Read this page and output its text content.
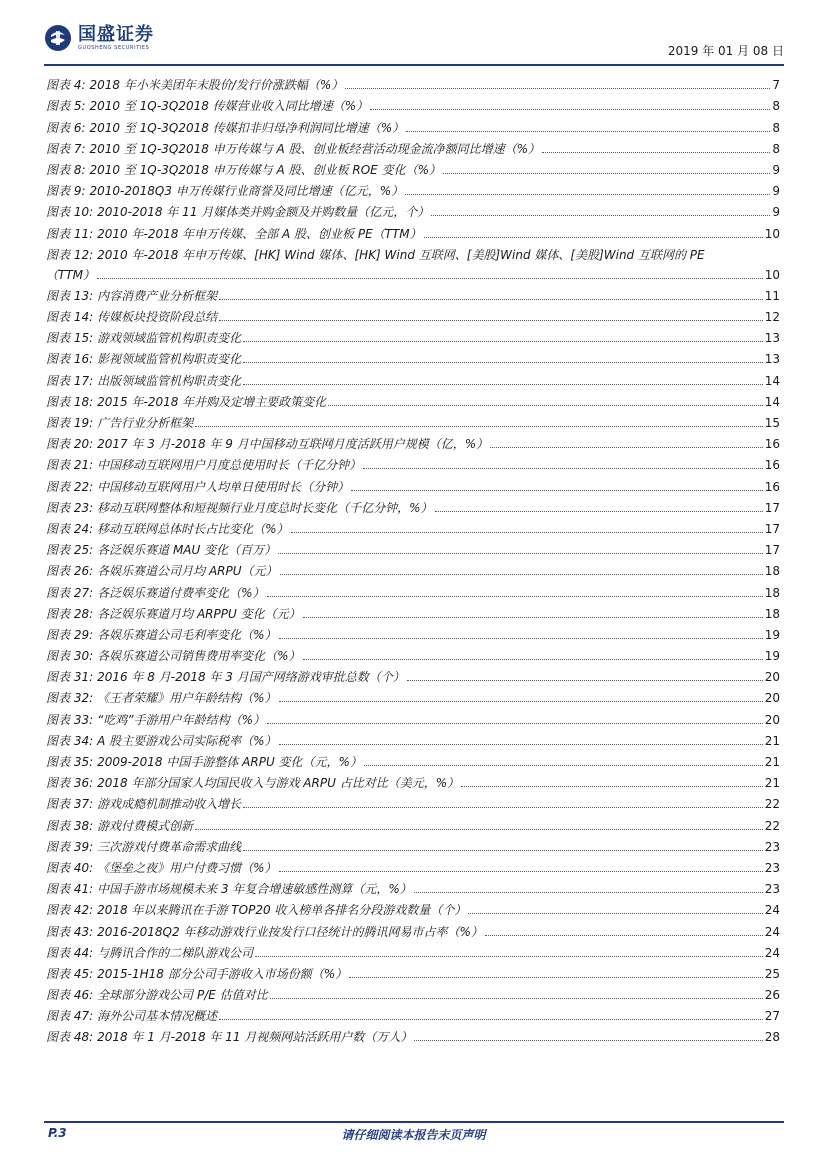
国盛证券
GUOSHENG SECURITIES	2019 年 01 月 08 日
图表 4: 2018 年小米美团年末股价/发行价涨跌幅（%）	7
图表 5: 2010 至 1Q-3Q2018 传媒营业收入同比增速（%）	8
图表 6: 2010 至 1Q-3Q2018 传媒扣非归母净利润同比增速（%）	8
图表 7: 2010 至 1Q-3Q2018 申万传媒与 A 股、创业板经营活动现金流净额同比增速（%）	8
图表 8: 2010 至 1Q-3Q2018 申万传媒与 A 股、创业板 ROE 变化（%）	9
图表 9: 2010-2018Q3 申万传媒行业商誉及同比增速（亿元，%）	9
图表 10: 2010-2018 年 11 月媒体类并购金额及并购数量（亿元，个）	9
图表 11: 2010 年-2018 年申万传媒、全部 A 股、创业板 PE（TTM）	10
图表 12: 2010 年-2018 年申万传媒、[HK] Wind 媒体、[HK] Wind 互联网、[美股]Wind 媒体、[美股]Wind 互联网的 PE
（TTM）	10
图表 13: 内容消费产业分析框架	11
图表 14: 传媒板块投资阶段总结	12
图表 15: 游戏领域监管机构职责变化	13
图表 16: 影视领域监管机构职责变化	13
图表 17: 出版领域监管机构职责变化	14
图表 18: 2015 年-2018 年并购及定增主要政策变化	14
图表 19: 广告行业分析框架	15
图表 20: 2017 年 3 月-2018 年 9 月中国移动互联网月度活跃用户规模（亿，%）	16
图表 21: 中国移动互联网用户月度总使用时长（千亿分钟）	16
图表 22: 中国移动互联网用户人均单日使用时长（分钟）	16
图表 23: 移动互联网整体和短视频行业月度总时长变化（千亿分钟，%）	17
图表 24: 移动互联网总体时长占比变化（%）	17
图表 25: 各泛娱乐赛道 MAU 变化（百万）	17
图表 26: 各娱乐赛道公司月均 ARPU（元）	18
图表 27: 各泛娱乐赛道付费率变化（%）	18
图表 28: 各泛娱乐赛道月均 ARPPU 变化（元）	18
图表 29: 各娱乐赛道公司毛利率变化（%）	19
图表 30: 各娱乐赛道公司销售费用率变化（%）	19
图表 31: 2016 年 8 月-2018 年 3 月国产网络游戏审批总数（个）	20
图表 32: 《王者荣耀》用户年龄结构（%）	20
图表 33: “吃鸡”手游用户年龄结构（%）	20
图表 34: A 股主要游戏公司实际税率（%）	21
图表 35: 2009-2018 中国手游整体 ARPU 变化（元，%）	21
图表 36: 2018 年部分国家人均国民收入与游戏 ARPU 占比对比（美元，%）	21
图表 37: 游戏成瘾机制推动收入增长	22
图表 38: 游戏付费模式创新	22
图表 39: 三次游戏付费革命需求曲线	23
图表 40: 《堡垒之夜》用户付费习惯（%）	23
图表 41: 中国手游市场规模未来 3 年复合增速敏感性测算（元，%）	23
图表 42: 2018 年以来腾讯在手游 TOP20 收入榜单各排名分段游戏数量（个）	24
图表 43: 2016-2018Q2 年移动游戏行业按发行口径统计的腾讯网易市占率（%）	24
图表 44: 与腾讯合作的二梯队游戏公司	24
图表 45: 2015-1H18 部分公司手游收入市场份额（%）	25
图表 46: 全球部分游戏公司 P/E 估值对比	26
图表 47: 海外公司基本情况概述	27
图表 48: 2018 年 1 月-2018 年 11 月视频网站活跃用户数（万人）	28
P.3	请仔细阅读本报告末页声明
